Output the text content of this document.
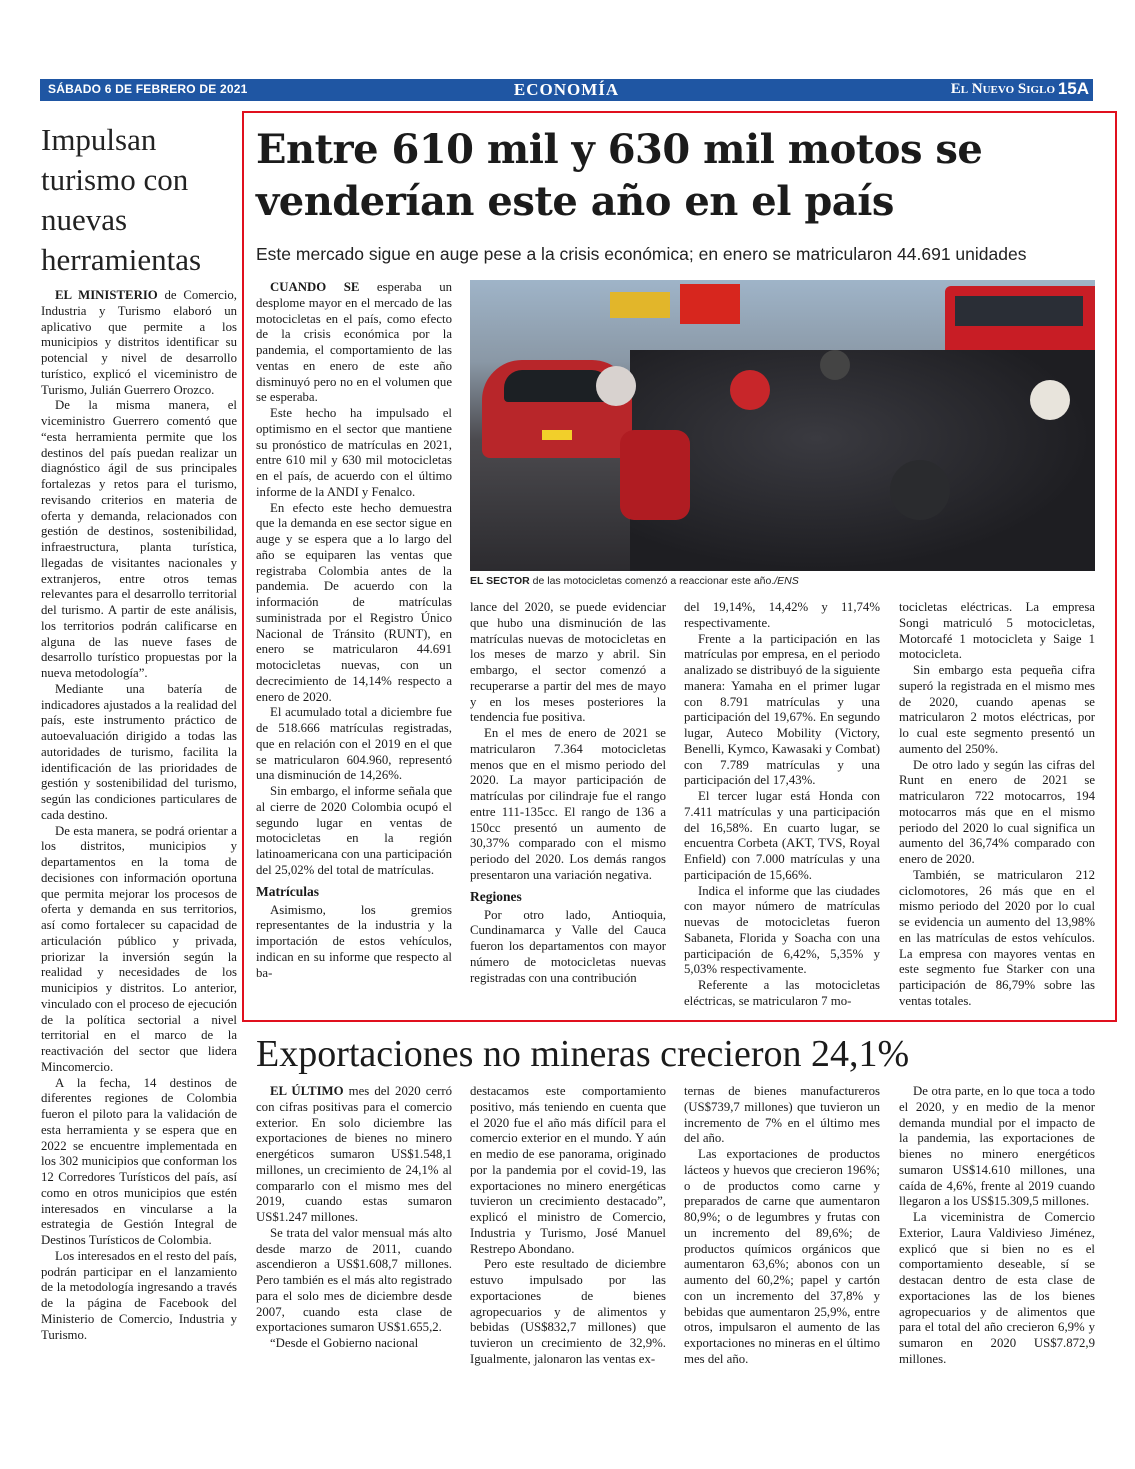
SÁBADO 6 DE FEBRERO DE 2021	ECONOMÍA	El Nuevo Siglo 15A
Impulsan turismo con nuevas herramientas

EL MINISTERIO de Comercio, Industria y Turismo elaboró un aplicativo que permite a los municipios y distritos identificar su potencial y nivel de desarrollo turístico, explicó el viceministro de Turismo, Julián Guerrero Orozco.

De la misma manera, el viceministro Guerrero comentó que “esta herramienta permite que los destinos del país puedan realizar un diagnóstico ágil de sus principales fortalezas y retos para el turismo, revisando criterios en materia de oferta y demanda, relacionados con gestión de destinos, sostenibilidad, infraestructura, planta turística, llegadas de visitantes nacionales y extranjeros, entre otros temas relevantes para el desarrollo territorial del turismo. A partir de este análisis, los territorios podrán calificarse en alguna de las nueve fases de desarrollo turístico propuestas por la nueva metodología”.

Mediante una batería de indicadores ajustados a la realidad del país, este instrumento práctico de autoevaluación dirigido a todas las autoridades de turismo, facilita la identificación de las prioridades de gestión y sostenibilidad del turismo, según las condiciones particulares de cada destino.

De esta manera, se podrá orientar a los distritos, municipios y departamentos en la toma de decisiones con información oportuna que permita mejorar los procesos de oferta y demanda en sus territorios, así como fortalecer su capacidad de articulación público y privada, priorizar la inversión según la realidad y necesidades de los municipios y distritos. Lo anterior, vinculado con el proceso de ejecución de la política sectorial a nivel territorial en el marco de la reactivación del sector que lidera Mincomercio.

A la fecha, 14 destinos de diferentes regiones de Colombia fueron el piloto para la validación de esta herramienta y se espera que en 2022 se encuentre implementada en los 302 municipios que conforman los 12 Corredores Turísticos del país, así como en otros municipios que estén interesados en vincularse a la estrategia de Gestión Integral de Destinos Turísticos de Colombia.

Los interesados en el resto del país, podrán participar en el lanzamiento de la metodología ingresando a través de la página de Facebook del Ministerio de Comercio, Industria y Turismo.

Entre 610 mil y 630 mil motos se venderían este año en el país
Este mercado sigue en auge pese a la crisis económica; en enero se matricularon 44.691 unidades

CUANDO SE esperaba un desplome mayor en el mercado de las motocicletas en el país, como efecto de la crisis económica por la pandemia, el comportamiento de las ventas en enero de este año disminuyó pero no en el volumen que se esperaba.

Este hecho ha impulsado el optimismo en el sector que mantiene su pronóstico de matrículas en 2021, entre 610 mil y 630 mil motocicletas en el país, de acuerdo con el último informe de la ANDI y Fenalco.

En efecto este hecho demuestra que la demanda en ese sector sigue en auge y se espera que a lo largo del año se equiparen las ventas que registraba Colombia antes de la pandemia. De acuerdo con la información de matrículas suministrada por el Registro Único Nacional de Tránsito (RUNT), en enero se matricularon 44.691 motocicletas nuevas, con un decrecimiento de 14,14% respecto a enero de 2020.

El acumulado total a diciembre fue de 518.666 matrículas registradas, que en relación con el 2019 en el que se matricularon 604.960, representó una disminución de 14,26%.

Sin embargo, el informe señala que al cierre de 2020 Colombia ocupó el segundo lugar en ventas de motocicletas en la región latinoamericana con una participación del 25,02% del total de matrículas.

Matrículas

Asimismo, los gremios representantes de la industria y la importación de estos vehículos, indican en su informe que respecto al ba-

EL SECTOR de las motocicletas comenzó a reaccionar este año./ENS

lance del 2020, se puede evidenciar que hubo una disminución de las matrículas nuevas de motocicletas en los meses de marzo y abril. Sin embargo, el sector comenzó a recuperarse a partir del mes de mayo y en los meses posteriores la tendencia fue positiva.

En el mes de enero de 2021 se matricularon 7.364 motocicletas menos que en el mismo periodo del 2020. La mayor participación de matrículas por cilindraje fue el rango entre 111-135cc. El rango de 136 a 150cc presentó un aumento de 30,37% comparado con el mismo periodo del 2020. Los demás rangos presentaron una variación negativa.

Regiones

Por otro lado, Antioquia, Cundinamarca y Valle del Cauca fueron los departamentos con mayor número de motocicletas nuevas registradas con una contribución

del 19,14%, 14,42% y 11,74% respectivamente.

Frente a la participación en las matrículas por empresa, en el periodo analizado se distribuyó de la siguiente manera: Yamaha en el primer lugar con 8.791 matrículas y una participación del 19,67%. En segundo lugar, Auteco Mobility (Victory, Benelli, Kymco, Kawasaki y Combat) con 7.789 matrículas y una participación del 17,43%.

El tercer lugar está Honda con 7.411 matrículas y una participación del 16,58%. En cuarto lugar, se encuentra Corbeta (AKT, TVS, Royal Enfield) con 7.000 matrículas y una participación de 15,66%.

Indica el informe que las ciudades con mayor número de matrículas nuevas de motocicletas fueron Sabaneta, Florida y Soacha con una participación de 6,42%, 5,35% y 5,03% respectivamente.

Referente a las motocicletas eléctricas, se matricularon 7 mo-

tocicletas eléctricas. La empresa Songi matriculó 5 motocicletas, Motorcafé 1 motocicleta y Saige 1 motocicleta.

Sin embargo esta pequeña cifra superó la registrada en el mismo mes de 2020, cuando apenas se matricularon 2 motos eléctricas, por lo cual este segmento presentó un aumento del 250%.

De otro lado y según las cifras del Runt en enero de 2021 se matricularon 722 motocarros, 194 motocarros más que en el mismo periodo del 2020 lo cual significa un aumento del 36,74% comparado con enero de 2020.

También, se matricularon 212 ciclomotores, 26 más que en el mismo periodo del 2020 por lo cual se evidencia un aumento del 13,98% en las matrículas de estos vehículos. La empresa con mayores ventas en este segmento fue Starker con una participación de 86,79% sobre las ventas totales.

Exportaciones no mineras crecieron 24,1%

EL ÚLTIMO mes del 2020 cerró con cifras positivas para el comercio exterior. En solo diciembre las exportaciones de bienes no minero energéticos sumaron US$1.548,1 millones, un crecimiento de 24,1% al compararlo con el mismo mes del 2019, cuando estas sumaron US$1.247 millones.

Se trata del valor mensual más alto desde marzo de 2011, cuando ascendieron a US$1.608,7 millones. Pero también es el más alto registrado para el solo mes de diciembre desde 2007, cuando esta clase de exportaciones sumaron US$1.655,2.

“Desde el Gobierno nacional

destacamos este comportamiento positivo, más teniendo en cuenta que el 2020 fue el año más difícil para el comercio exterior en el mundo. Y aún en medio de ese panorama, originado por la pandemia por el covid-19, las exportaciones no minero energéticas tuvieron un crecimiento destacado”, explicó el ministro de Comercio, Industria y Turismo, José Manuel Restrepo Abondano.

Pero este resultado de diciembre estuvo impulsado por las exportaciones de bienes agropecuarios y de alimentos y bebidas (US$832,7 millones) que tuvieron un crecimiento de 32,9%. Igualmente, jalonaron las ventas ex-

ternas de bienes manufactureros (US$739,7 millones) que tuvieron un incremento de 7% en el último mes del año.

Las exportaciones de productos lácteos y huevos que crecieron 196%; o de productos como carne y preparados de carne que aumentaron 80,9%; o de legumbres y frutas con un incremento del 89,6%; de productos químicos orgánicos que aumentaron 63,6%; abonos con un aumento del 60,2%; papel y cartón con un incremento del 37,8% y bebidas que aumentaron 25,9%, entre otros, impulsaron el aumento de las exportaciones no mineras en el último mes del año.

De otra parte, en lo que toca a todo el 2020, y en medio de la menor demanda mundial por el impacto de la pandemia, las exportaciones de bienes no minero energéticos sumaron US$14.610 millones, una caída de 4,6%, frente al 2019 cuando llegaron a los US$15.309,5 millones.

La viceministra de Comercio Exterior, Laura Valdivieso Jiménez, explicó que si bien no es el comportamiento deseable, sí se destacan dentro de esta clase de exportaciones las de los bienes agropecuarios y de alimentos que para el total del año crecieron 6,9% y sumaron en 2020 US$7.872,9 millones.
